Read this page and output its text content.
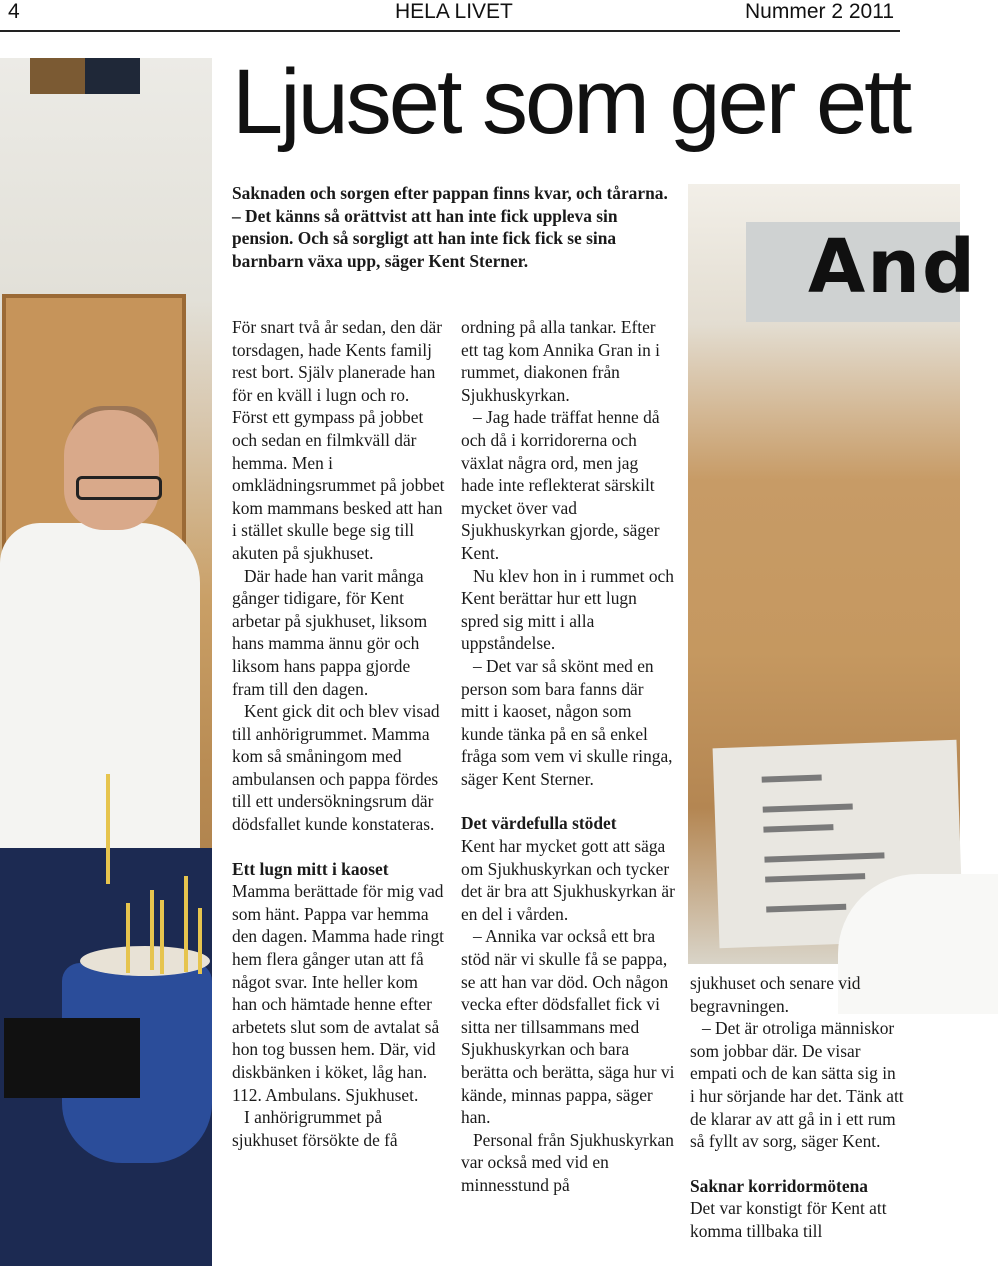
4	HELA LIVET	Nummer 2 2011
Ljuset som ger ett
And

Saknaden och sorgen efter pappan finns kvar, och tårarna.

– Det känns så orättvist att han inte fick uppleva sin pension. Och så sorgligt att han inte fick fick se sina barnbarn växa upp, säger Kent Sterner.

För snart två år sedan, den där torsdagen, hade Kents familj rest bort. Själv planerade han för en kväll i lugn och ro. Först ett gympass på jobbet och sedan en filmkväll där hemma. Men i omklädningsrummet på jobbet kom mammans besked att han i stället skulle bege sig till akuten på sjukhuset.

Där hade han varit många gånger tidigare, för Kent arbetar på sjukhuset, liksom hans mamma ännu gör och liksom hans pappa gjorde fram till den dagen.

Kent gick dit och blev visad till anhörigrummet. Mamma kom så småningom med ambulansen och pappa fördes till ett undersökningsrum där dödsfallet kunde konstateras.

Ett lugn mitt i kaoset

Mamma berättade för mig vad som hänt. Pappa var hemma den dagen. Mamma hade ringt hem flera gånger utan att få något svar. Inte heller kom han och hämtade henne efter arbetets slut som de avtalat så hon tog bussen hem. Där, vid diskbänken i köket, låg han. 112. Ambulans. Sjukhuset.

I anhörigrummet på sjukhuset försökte de få

ordning på alla tankar. Efter ett tag kom Annika Gran in i rummet, diakonen från Sjukhuskyrkan.

– Jag hade träffat henne då och då i korridorerna och växlat några ord, men jag hade inte reflekterat särskilt mycket över vad Sjukhuskyrkan gjorde, säger Kent.

Nu klev hon in i rummet och Kent berättar hur ett lugn spred sig mitt i alla uppståndelse.

– Det var så skönt med en person som bara fanns där mitt i kaoset, någon som kunde tänka på en så enkel fråga som vem vi skulle ringa, säger Kent Sterner.

Det värdefulla stödet

Kent har mycket gott att säga om Sjukhuskyrkan och tycker det är bra att Sjukhuskyrkan är en del i vården.

– Annika var också ett bra stöd när vi skulle få se pappa, se att han var död. Och någon vecka efter dödsfallet fick vi sitta ner tillsammans med Sjukhuskyrkan och bara berätta och berätta, säga hur vi kände, minnas pappa, säger han.

Personal från Sjukhuskyrkan var också med vid en minnesstund på

sjukhuset och senare vid begravningen.

– Det är otroliga människor som jobbar där. De visar empati och de kan sätta sig in i hur sörjande har det. Tänk att de klarar av att gå in i ett rum så fyllt av sorg, säger Kent.

Saknar korridormötena

Det var konstigt för Kent att komma tillbaka till
